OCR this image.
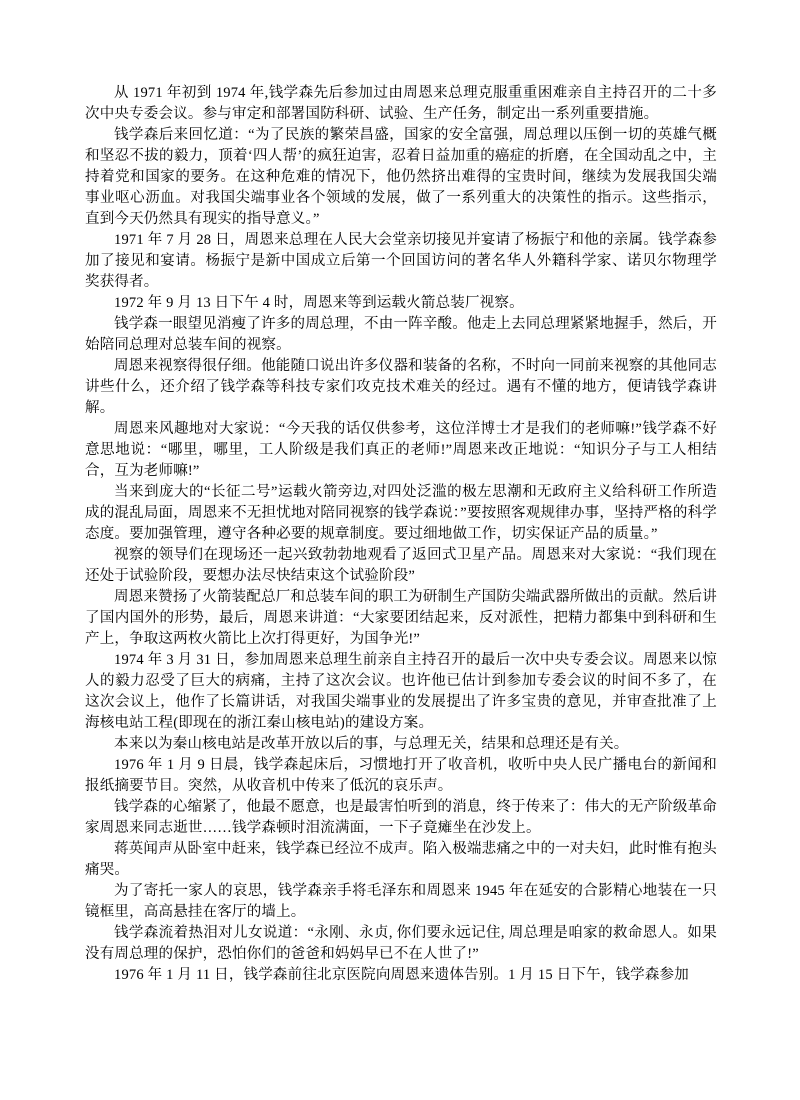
从 1971 年初到 1974 年,钱学森先后参加过由周恩来总理克服重重困难亲自主持召开的二十多次中央专委会议。参与审定和部署国防科研、试验、生产任务，制定出一系列重要措施。

钱学森后来回忆道：“为了民族的繁荣昌盛，国家的安全富强，周总理以压倒一切的英雄气概和坚忍不拔的毅力，顶着‘四人帮’的疯狂迫害，忍着日益加重的癌症的折磨，在全国动乱之中，主持着党和国家的要务。在这种危难的情况下，他仍然挤出难得的宝贵时间，继续为发展我国尖端事业呕心沥血。对我国尖端事业各个领域的发展，做了一系列重大的决策性的指示。这些指示，直到今天仍然具有现实的指导意义。”

1971 年 7 月 28 日，周恩来总理在人民大会堂亲切接见并宴请了杨振宁和他的亲属。钱学森参加了接见和宴请。杨振宁是新中国成立后第一个回国访问的著名华人外籍科学家、诺贝尔物理学奖获得者。

1972 年 9 月 13 日下午 4 时，周恩来等到运载火箭总装厂视察。

钱学森一眼望见消瘦了许多的周总理，不由一阵辛酸。他走上去同总理紧紧地握手，然后，开始陪同总理对总装车间的视察。

周恩来视察得很仔细。他能随口说出许多仪器和装备的名称，不时向一同前来视察的其他同志讲些什么，还介绍了钱学森等科技专家们攻克技术难关的经过。遇有不懂的地方，便请钱学森讲解。

周恩来风趣地对大家说：“今天我的话仅供参考，这位洋博士才是我们的老师嘛!”钱学森不好意思地说：“哪里，哪里，工人阶级是我们真正的老师!”周恩来改正地说：“知识分子与工人相结合，互为老师嘛!”

当来到庞大的“长征二号”运载火箭旁边,对四处泛滥的极左思潮和无政府主义给科研工作所造成的混乱局面，周恩来不无担忧地对陪同视察的钱学森说：”要按照客观规律办事，坚持严格的科学态度。要加强管理，遵守各种必要的规章制度。要过细地做工作，切实保证产品的质量。”

视察的领导们在现场还一起兴致勃勃地观看了返回式卫星产品。周恩来对大家说：“我们现在还处于试验阶段，要想办法尽快结束这个试验阶段”

周恩来赞扬了火箭装配总厂和总装车间的职工为研制生产国防尖端武器所做出的贡献。然后讲了国内国外的形势，最后，周恩来讲道：“大家要团结起来，反对派性，把精力都集中到科研和生产上，争取这两枚火箭比上次打得更好，为国争光!”

1974 年 3 月 31 日，参加周恩来总理生前亲自主持召开的最后一次中央专委会议。周恩来以惊人的毅力忍受了巨大的病痛，主持了这次会议。也许他已估计到参加专委会议的时间不多了，在这次会议上，他作了长篇讲话，对我国尖端事业的发展提出了许多宝贵的意见，并审查批准了上海核电站工程(即现在的浙江秦山核电站)的建设方案。

本来以为秦山核电站是改革开放以后的事，与总理无关，结果和总理还是有关。

1976 年 1 月 9 日晨，钱学森起床后，习惯地打开了收音机，收听中央人民广播电台的新闻和报纸摘要节目。突然，从收音机中传来了低沉的哀乐声。

钱学森的心缩紧了，他最不愿意，也是最害怕听到的消息，终于传来了：伟大的无产阶级革命家周恩来同志逝世……钱学森顿时泪流满面，一下子竟瘫坐在沙发上。

蒋英闻声从卧室中赶来，钱学森已经泣不成声。陷入极端悲痛之中的一对夫妇，此时惟有抱头痛哭。

为了寄托一家人的哀思，钱学森亲手将毛泽东和周恩来 1945 年在延安的合影精心地装在一只镜框里，高高悬挂在客厅的墙上。

钱学森流着热泪对儿女说道：“永刚、永贞, 你们要永远记住, 周总理是咱家的救命恩人。如果没有周总理的保护，恐怕你们的爸爸和妈妈早已不在人世了!”

1976 年 1 月 11 日，钱学森前往北京医院向周恩来遗体告别。1 月 15 日下午，钱学森参加
